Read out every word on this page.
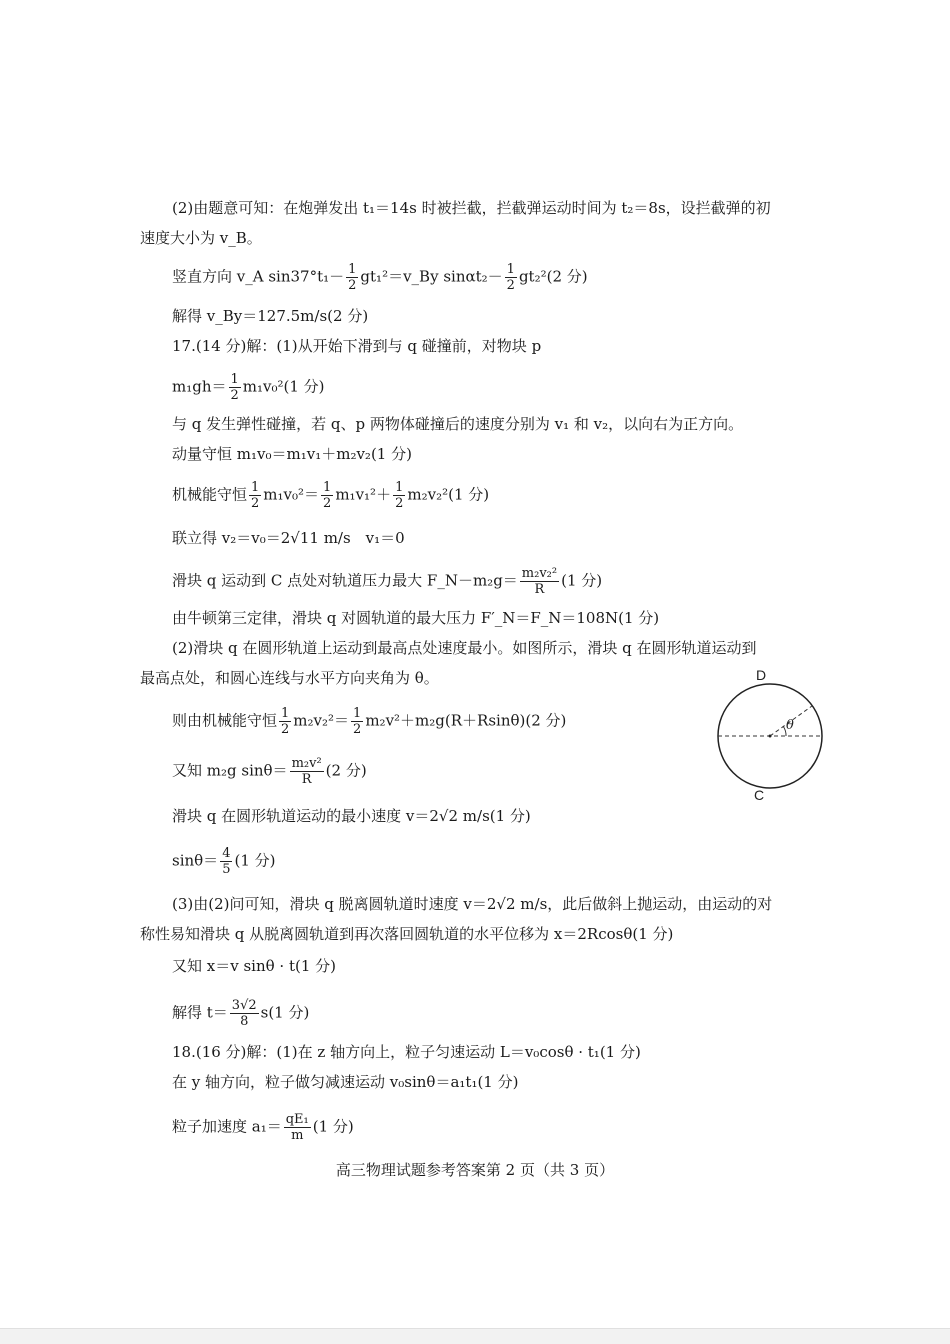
(2)由题意可知：在炮弹发出 t₁＝14s 时被拦截，拦截弹运动时间为 t₂＝8s，设拦截弹的初
速度大小为 v_B。
竖直方向 v_A $\sin 37^\circ t_1- \frac{1}{2}$ gt₁²＝v_By $\sin\alpha t_2- \frac{1}{2} gt_2^2(2$ 分)
解得 v_By＝127.5m/s(2 分)
17.(14 分)解：(1)从开始下滑到与 q 碰撞前，对物块 p
$m_1gh= \frac{1}{2} m_1v_0^2(1$ 分)
与 q 发生弹性碰撞，若 q、p 两物体碰撞后的速度分别为 v₁ 和 v₂，以向右为正方向。
动量守恒 m₁v₀＝m₁v₁＋m₂v₂(1 分)
机械能守恒 $\frac{1}{2} m_1v_0^2= \frac{1}{2} m_1v_1^2+ \frac{1}{2} m_2v_2^2(1$ 分)
联立得 v₂＝v₀＝2√11 m/s　v₁＝0
滑块 q 运动到 C 点处对轨道压力最大 F_N－m₂g＝ $\frac{\text{m₂v₂²}}{R} (1$ 分)
由牛顿第三定律，滑块 q 对圆轨道的最大压力 F′_N＝F_N＝108N(1 分)
(2)滑块 q 在圆形轨道上运动到最高点处速度最小。如图所示，滑块 q 在圆形轨道运动到
最高点处，和圆心连线与水平方向夹角为 θ。
则由机械能守恒 $\frac{1}{2} m_2v_2^2= \frac{1}{2} m_2v^2+m_2g(R+Rsin\theta)(2$ 分)
又知 m₂g $\sin\theta= \frac{\text{m₂v²}}{R} (2$ 分)
滑块 q 在圆形轨道运动的最小速度 v＝2√2 m/s(1 分)
$\sin\theta= \frac{4}{5} (1$ 分)
(3)由(2)问可知，滑块 q 脱离圆轨道时速度 v＝2√2 m/s，此后做斜上抛运动，由运动的对
称性易知滑块 q 从脱离圆轨道到再次落回圆轨道的水平位移为 x＝2Rcosθ(1 分)
又知 x＝v sinθ · t(1 分)
解得 $t= \frac{3√2}{8} s(1$ 分)
18.(16 分)解：(1)在 z 轴方向上，粒子匀速运动 L＝v₀cosθ · t₁(1 分)
在 y 轴方向，粒子做匀减速运动 v₀sinθ＝a₁t₁(1 分)
粒子加速度 $a_1= \frac{\text{qE₁}}{m} (1$ 分)
D
θ
C
高三物理试题参考答案第 2 页（共 3 页）
